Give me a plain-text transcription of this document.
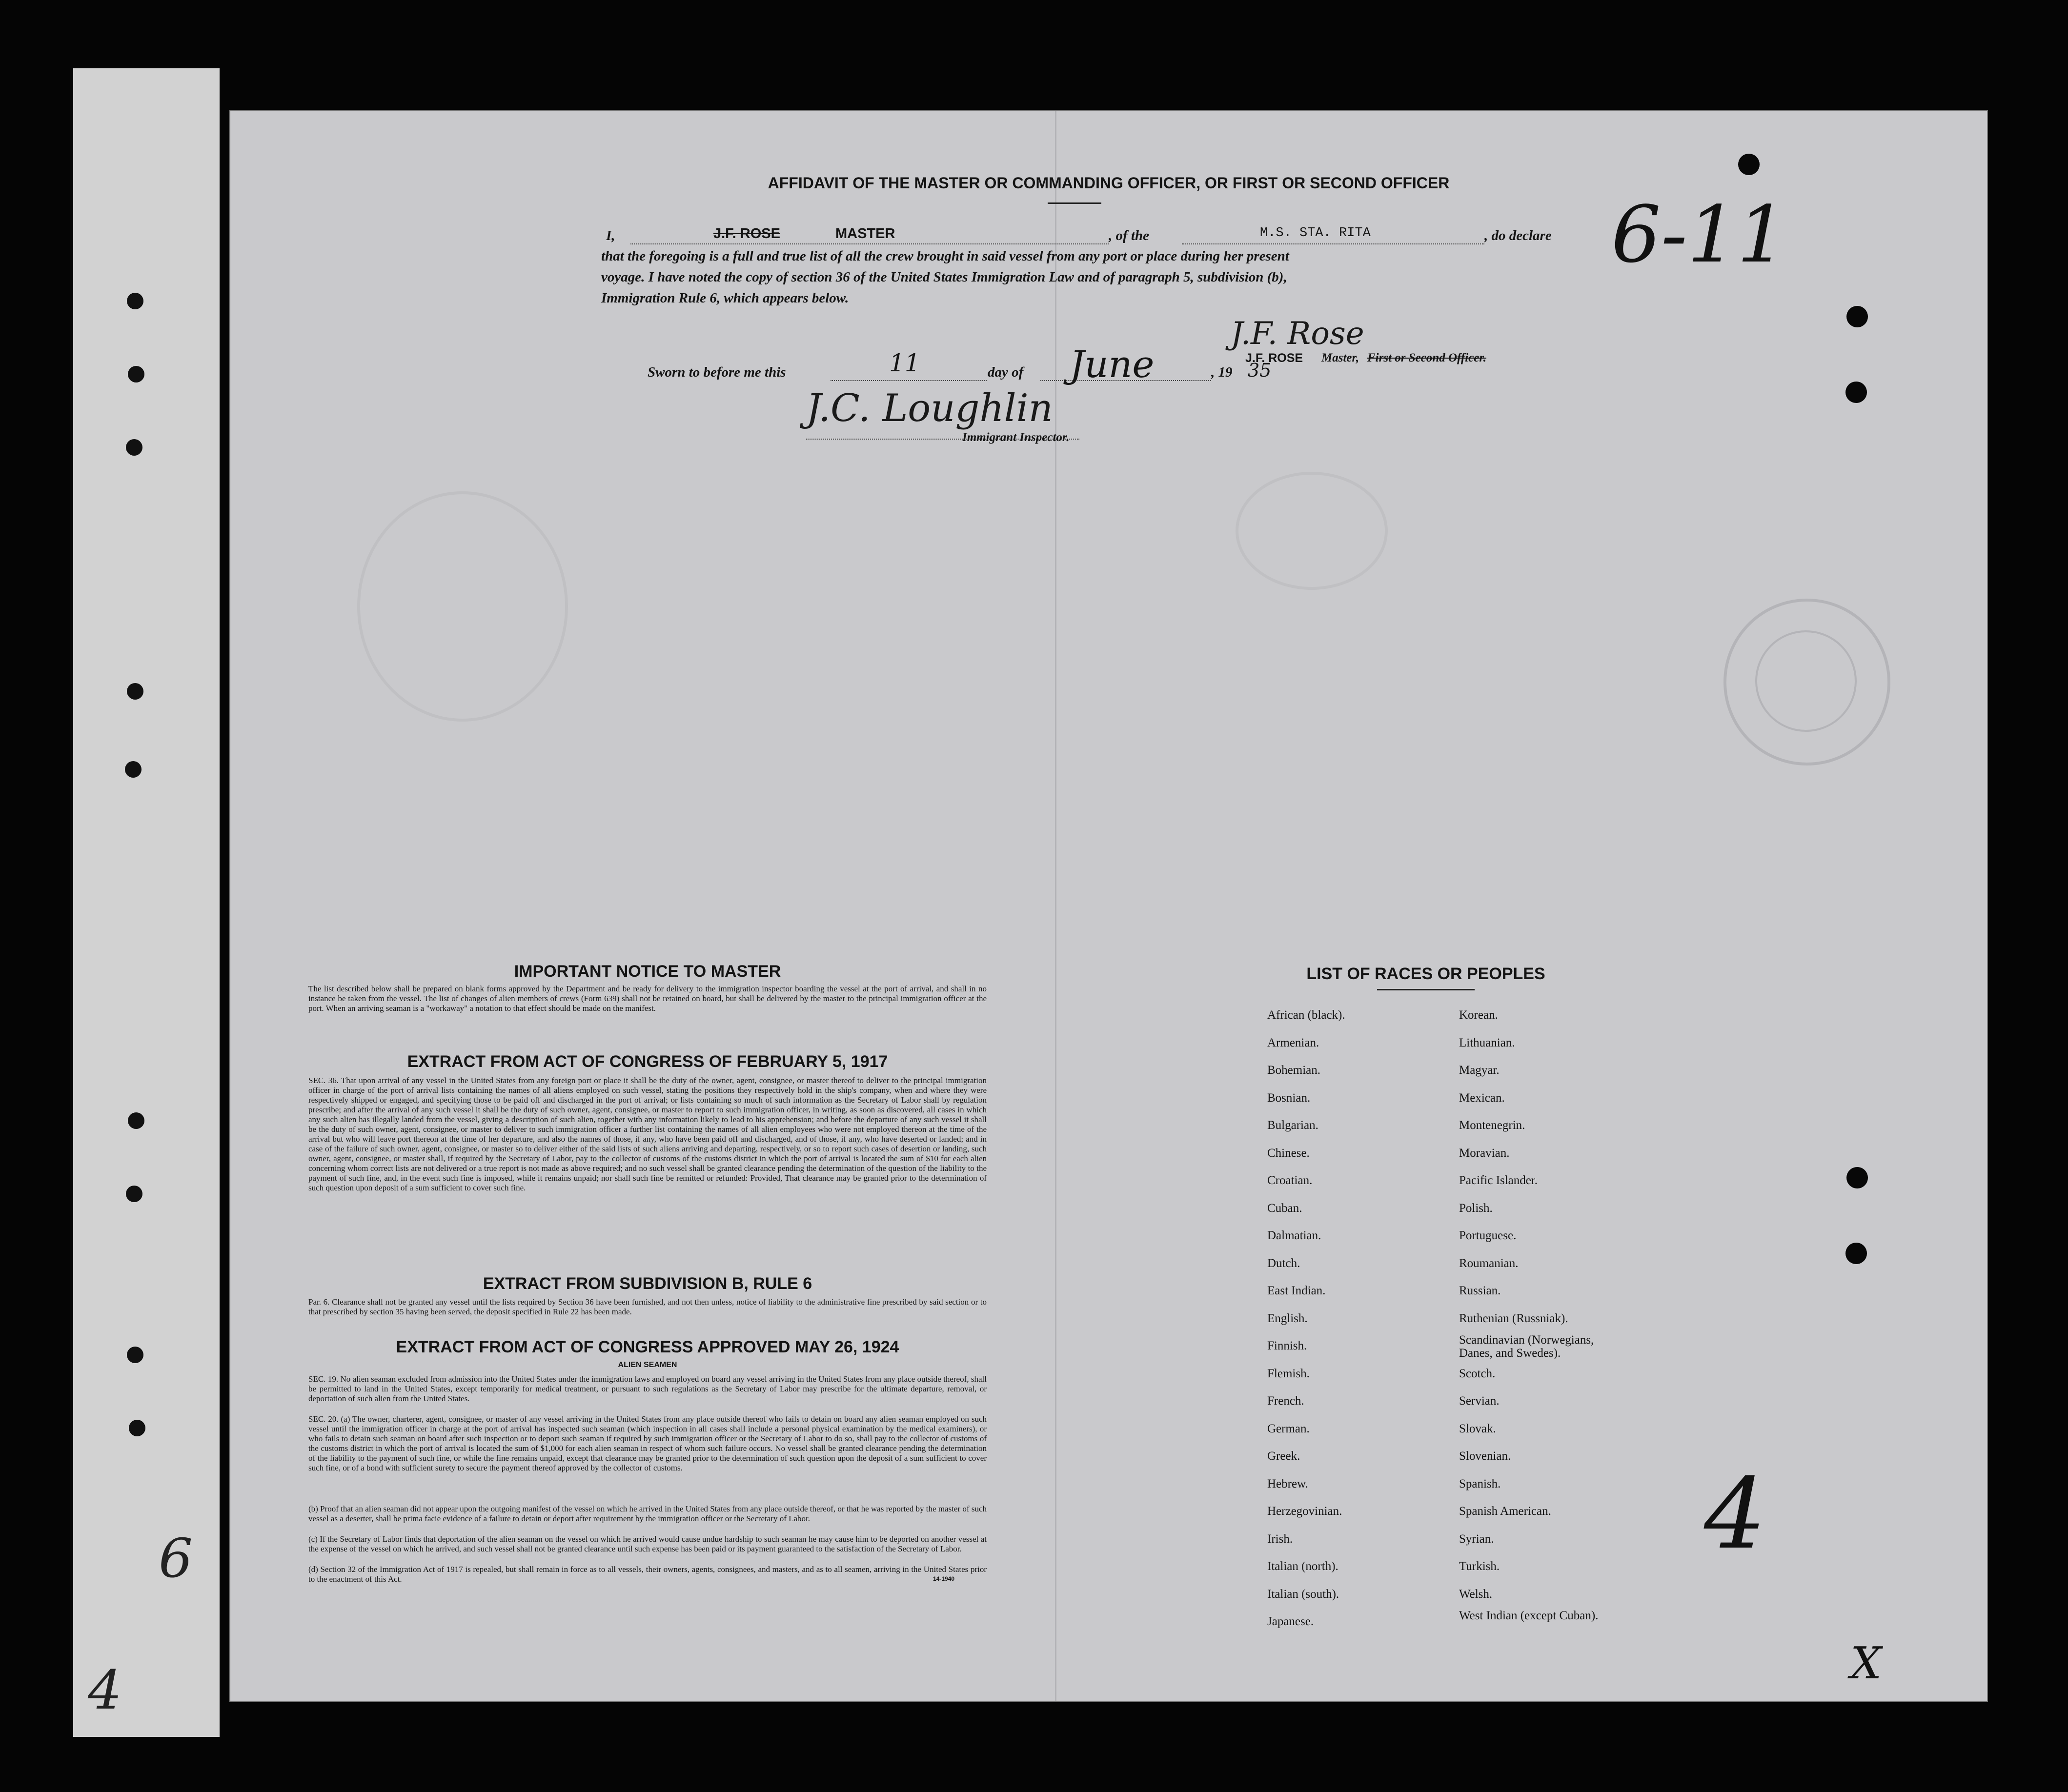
6
4
AFFIDAVIT OF THE MASTER OR COMMANDING OFFICER, OR FIRST OR SECOND OFFICER
I,	J.F. ROSE	MASTER	, of the	M.S. STA. RITA	, do declare
that the foregoing is a full and true list of all the crew brought in said vessel from any port or place during her present
voyage. I have noted the copy of section 36 of the United States Immigration Law and of paragraph 5, subdivision (b),
Immigration Rule 6, which appears below.
J.F. Rose
Sworn to before me this	11	day of June	, 19 35
J.F. ROSE Master, First or Second Officer.
J.C. Loughlin
Immigrant Inspector.
6-11
4
X
IMPORTANT NOTICE TO MASTER
The list described below shall be prepared on blank forms approved by the Department and be ready for delivery to the immigration inspector boarding the vessel at the port of arrival, and shall in no instance be taken from the vessel. The list of changes of alien members of crews (Form 639) shall not be retained on board, but shall be delivered by the master to the principal immigration officer at the port. When an arriving seaman is a "workaway" a notation to that effect should be made on the manifest.
EXTRACT FROM ACT OF CONGRESS OF FEBRUARY 5, 1917
SEC. 36. That upon arrival of any vessel in the United States from any foreign port or place it shall be the duty of the owner, agent, consignee, or master thereof to deliver to the principal immigration officer in charge of the port of arrival lists containing the names of all aliens employed on such vessel, stating the positions they respectively hold in the ship's company, when and where they were respectively shipped or engaged, and specifying those to be paid off and discharged in the port of arrival; or lists containing so much of such information as the Secretary of Labor shall by regulation prescribe; and after the arrival of any such vessel it shall be the duty of such owner, agent, consignee, or master to report to such immigration officer, in writing, as soon as discovered, all cases in which any such alien has illegally landed from the vessel, giving a description of such alien, together with any information likely to lead to his apprehension; and before the departure of any such vessel it shall be the duty of such owner, agent, consignee, or master to deliver to such immigration officer a further list containing the names of all alien employees who were not employed thereon at the time of the arrival but who will leave port thereon at the time of her departure, and also the names of those, if any, who have been paid off and discharged, and of those, if any, who have deserted or landed; and in case of the failure of such owner, agent, consignee, or master so to deliver either of the said lists of such aliens arriving and departing, respectively, or so to report such cases of desertion or landing, such owner, agent, consignee, or master shall, if required by the Secretary of Labor, pay to the collector of customs of the customs district in which the port of arrival is located the sum of $10 for each alien concerning whom correct lists are not delivered or a true report is not made as above required; and no such vessel shall be granted clearance pending the determination of the question of the liability to the payment of such fine, and, in the event such fine is imposed, while it remains unpaid; nor shall such fine be remitted or refunded: Provided, That clearance may be granted prior to the determination of such question upon deposit of a sum sufficient to cover such fine.
EXTRACT FROM SUBDIVISION B, RULE 6
Par. 6. Clearance shall not be granted any vessel until the lists required by Section 36 have been furnished, and not then unless, notice of liability to the administrative fine prescribed by said section or to that prescribed by section 35 having been served, the deposit specified in Rule 22 has been made.
EXTRACT FROM ACT OF CONGRESS APPROVED MAY 26, 1924
ALIEN SEAMEN
SEC. 19. No alien seaman excluded from admission into the United States under the immigration laws and employed on board any vessel arriving in the United States from any place outside thereof, shall be permitted to land in the United States, except temporarily for medical treatment, or pursuant to such regulations as the Secretary of Labor may prescribe for the ultimate departure, removal, or deportation of such alien from the United States.
SEC. 20. (a) The owner, charterer, agent, consignee, or master of any vessel arriving in the United States from any place outside thereof who fails to detain on board any alien seaman employed on such vessel until the immigration officer in charge at the port of arrival has inspected such seaman (which inspection in all cases shall include a personal physical examination by the medical examiners), or who fails to detain such seaman on board after such inspection or to deport such seaman if required by such immigration officer or the Secretary of Labor to do so, shall pay to the collector of customs of the customs district in which the port of arrival is located the sum of $1,000 for each alien seaman in respect of whom such failure occurs. No vessel shall be granted clearance pending the determination of the liability to the payment of such fine, or while the fine remains unpaid, except that clearance may be granted prior to the determination of such question upon the deposit of a sum sufficient to cover such fine, or of a bond with sufficient surety to secure the payment thereof approved by the collector of customs.
(b) Proof that an alien seaman did not appear upon the outgoing manifest of the vessel on which he arrived in the United States from any place outside thereof, or that he was reported by the master of such vessel as a deserter, shall be prima facie evidence of a failure to detain or deport after requirement by the immigration officer or the Secretary of Labor.
(c) If the Secretary of Labor finds that deportation of the alien seaman on the vessel on which he arrived would cause undue hardship to such seaman he may cause him to be deported on another vessel at the expense of the vessel on which he arrived, and such vessel shall not be granted clearance until such expense has been paid or its payment guaranteed to the satisfaction of the Secretary of Labor.
(d) Section 32 of the Immigration Act of 1917 is repealed, but shall remain in force as to all vessels, their owners, agents, consignees, and masters, and as to all seamen, arriving in the United States prior to the enactment of this Act.	14-1940
LIST OF RACES OR PEOPLES
African (black).
Armenian.
Bohemian.
Bosnian.
Bulgarian.
Chinese.
Croatian.
Cuban.
Dalmatian.
Dutch.
East Indian.
English.
Finnish.
Flemish.
French.
German.
Greek.
Hebrew.
Herzegovinian.
Irish.
Italian (north).
Italian (south).
Japanese.
Korean.
Lithuanian.
Magyar.
Mexican.
Montenegrin.
Moravian.
Pacific Islander.
Polish.
Portuguese.
Roumanian.
Russian.
Ruthenian (Russniak).
Scandinavian (Norwegians, Danes, and Swedes).
Scotch.
Servian.
Slovak.
Slovenian.
Spanish.
Spanish American.
Syrian.
Turkish.
Welsh.
West Indian (except Cuban).
